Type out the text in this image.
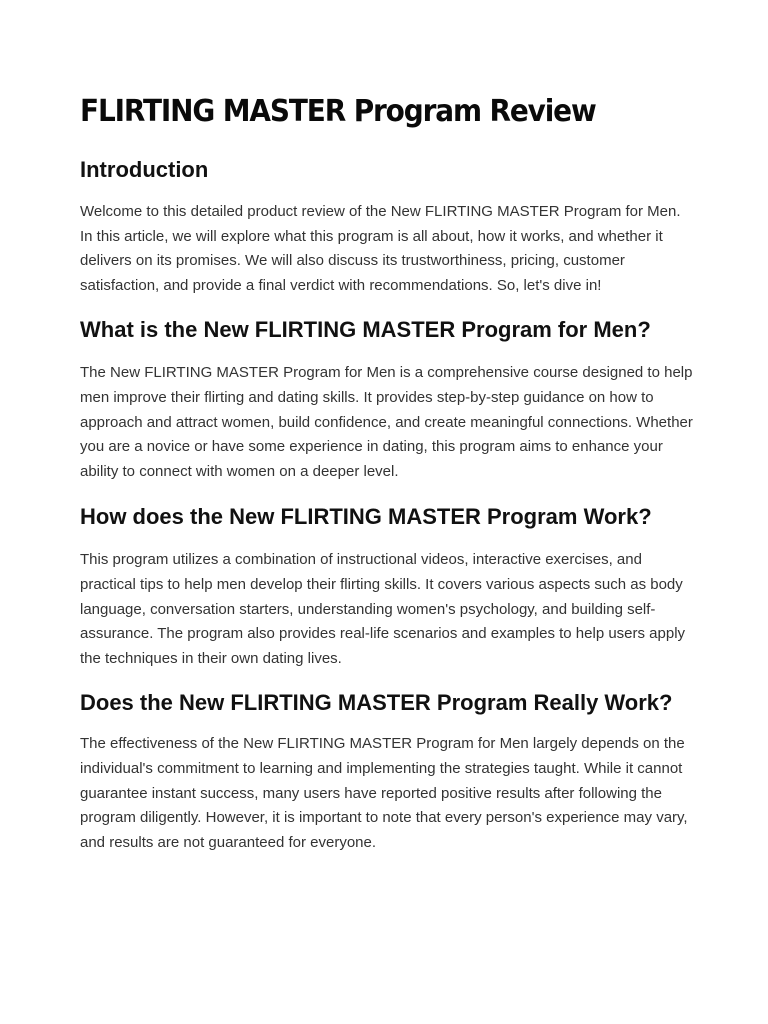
FLIRTING MASTER Program Review
Introduction

Welcome to this detailed product review of the New FLIRTING MASTER Program for Men. In this article, we will explore what this program is all about, how it works, and whether it delivers on its promises. We will also discuss its trustworthiness, pricing, customer satisfaction, and provide a final verdict with recommendations. So, let's dive in!

What is the New FLIRTING MASTER Program for Men?

The New FLIRTING MASTER Program for Men is a comprehensive course designed to help men improve their flirting and dating skills. It provides step-by-step guidance on how to approach and attract women, build confidence, and create meaningful connections. Whether you are a novice or have some experience in dating, this program aims to enhance your ability to connect with women on a deeper level.

How does the New FLIRTING MASTER Program Work?

This program utilizes a combination of instructional videos, interactive exercises, and practical tips to help men develop their flirting skills. It covers various aspects such as body language, conversation starters, understanding women's psychology, and building self-assurance. The program also provides real-life scenarios and examples to help users apply the techniques in their own dating lives.

Does the New FLIRTING MASTER Program Really Work?

The effectiveness of the New FLIRTING MASTER Program for Men largely depends on the individual's commitment to learning and implementing the strategies taught. While it cannot guarantee instant success, many users have reported positive results after following the program diligently. However, it is important to note that every person's experience may vary, and results are not guaranteed for everyone.
